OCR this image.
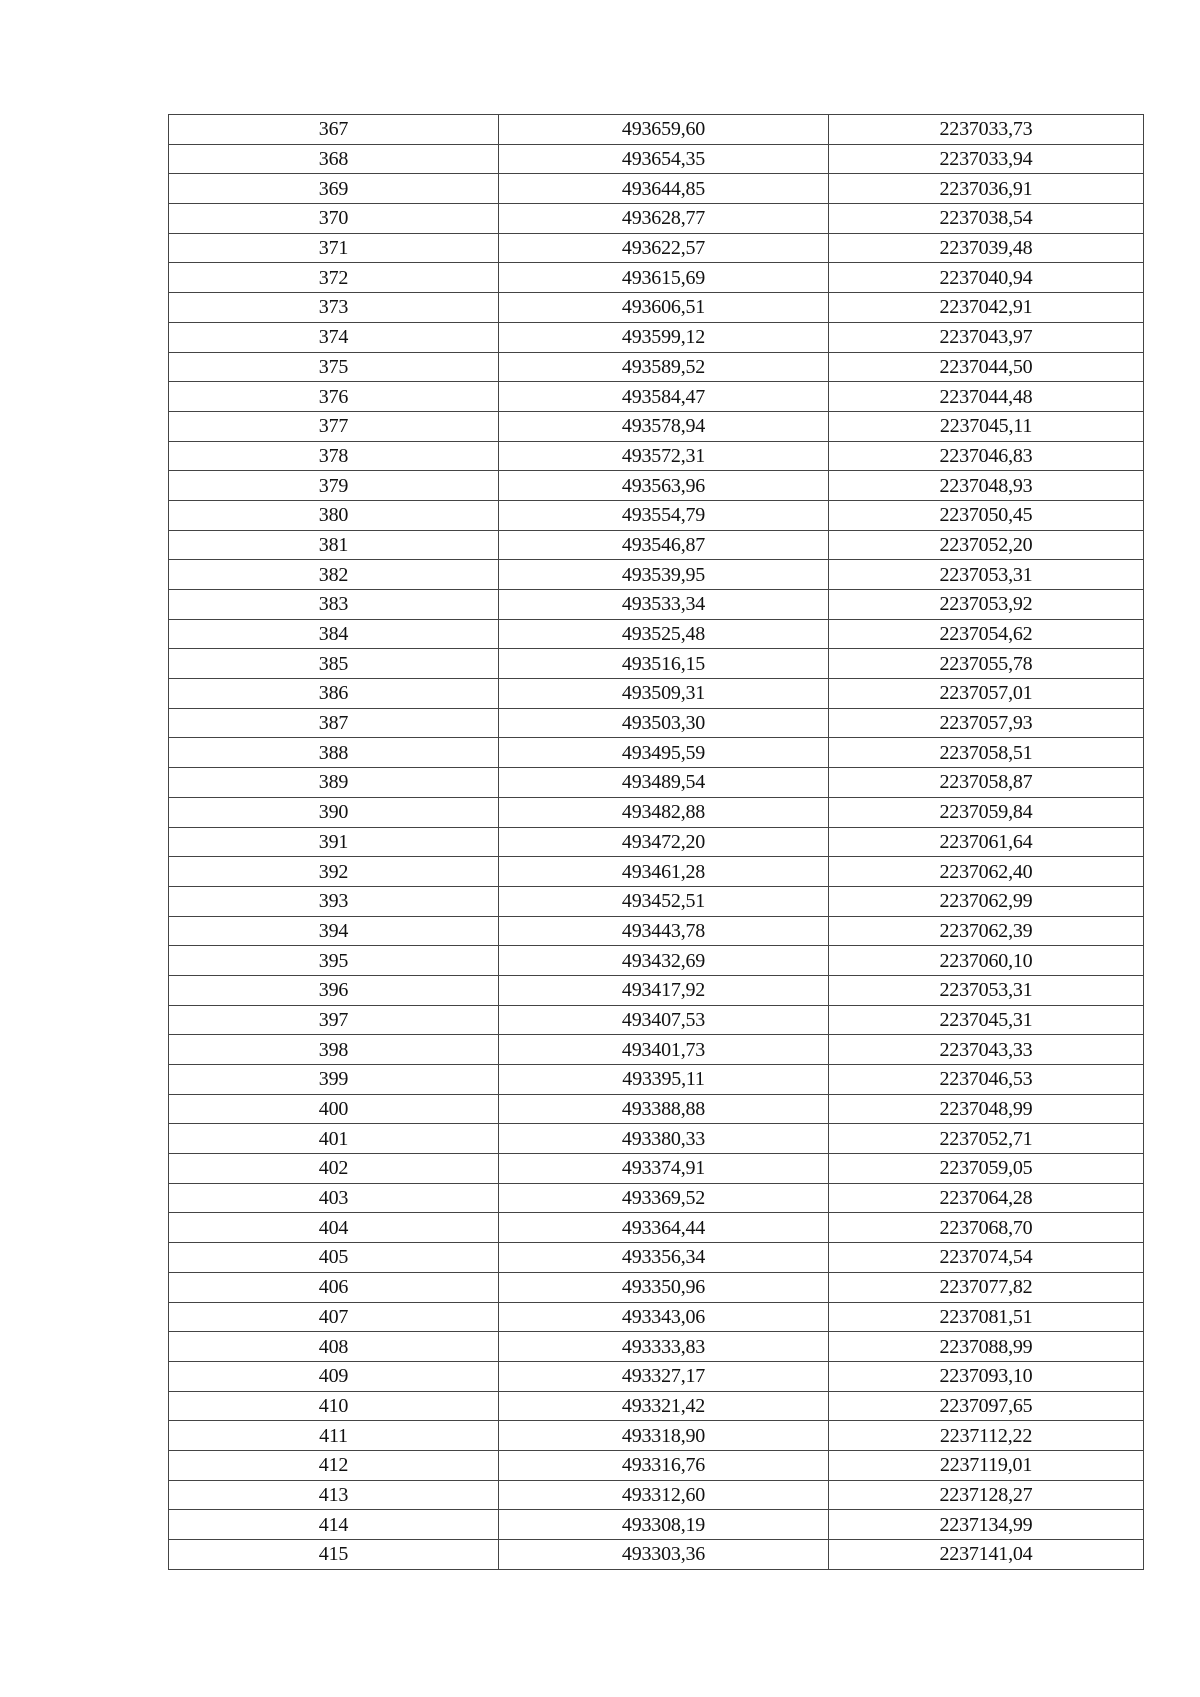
367	493659,60	2237033,73
368	493654,35	2237033,94
369	493644,85	2237036,91
370	493628,77	2237038,54
371	493622,57	2237039,48
372	493615,69	2237040,94
373	493606,51	2237042,91
374	493599,12	2237043,97
375	493589,52	2237044,50
376	493584,47	2237044,48
377	493578,94	2237045,11
378	493572,31	2237046,83
379	493563,96	2237048,93
380	493554,79	2237050,45
381	493546,87	2237052,20
382	493539,95	2237053,31
383	493533,34	2237053,92
384	493525,48	2237054,62
385	493516,15	2237055,78
386	493509,31	2237057,01
387	493503,30	2237057,93
388	493495,59	2237058,51
389	493489,54	2237058,87
390	493482,88	2237059,84
391	493472,20	2237061,64
392	493461,28	2237062,40
393	493452,51	2237062,99
394	493443,78	2237062,39
395	493432,69	2237060,10
396	493417,92	2237053,31
397	493407,53	2237045,31
398	493401,73	2237043,33
399	493395,11	2237046,53
400	493388,88	2237048,99
401	493380,33	2237052,71
402	493374,91	2237059,05
403	493369,52	2237064,28
404	493364,44	2237068,70
405	493356,34	2237074,54
406	493350,96	2237077,82
407	493343,06	2237081,51
408	493333,83	2237088,99
409	493327,17	2237093,10
410	493321,42	2237097,65
411	493318,90	2237112,22
412	493316,76	2237119,01
413	493312,60	2237128,27
414	493308,19	2237134,99
415	493303,36	2237141,04
